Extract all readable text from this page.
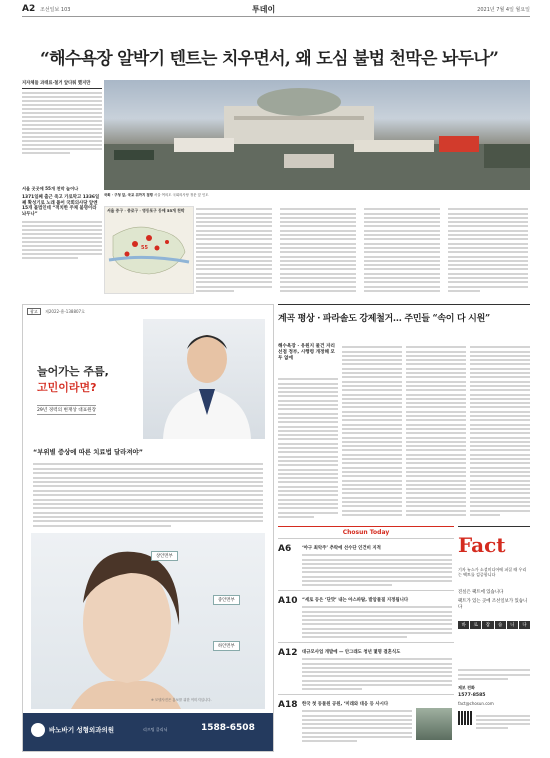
A2 조선일보 103	투데이	2021년 7월 4일 월요일
“해수욕장 알박기 텐트는 치우면서, 왜 도심 불법 천막은 놔두나”
지자체들 과태료·철거 앞다퉈 했지만
서울 곳곳에 55개 천막 늘어나
1371일째 출근 죽고 가로막고 1336일째 확성기로 노래 틀어 국회의사당 앞엔 15개 불법인데 “적치한 주체 불명이라 놔두나”
국회 · 구청 앞, 국교 위까지 점령 서울 여의도 국회의사당 정문 앞 인도
서울 중구 · 종로구 · 영등포구 등에 55개 천막
55
광고 제2022-흉-138807호
늘어가는 주름,
고민이라면?
29년 경력의 변재상 대표원장
“부위별 증상에 따른 치료법 달라져야”
상안면부
중안면부
하안면부
※ 모델사진은 홍보를 위한 이미지입니다.
바노바기 성형외과의원	리프팅 클리닉	1588-6508
계곡 평상 · 파라솔도 강제철거… 주민들 “속이 다 시원”
해수욕장 · 유원지 물건 자리 선점 정부, 시행령 개정해 모두 없애
Chosun Today
A6 ‘야구 최악주’ 추락에 선수단 인건비 지적
A10 “세로 등은 ‘단맛’ 내는 아스파탐, 발암물질 지정됩니다
A12 대규모사업 개발에 — 안그래도 청년 몇명 결혼식도
A18 한국 첫 동물원 공원, ‘미래와 대응 등 사시다
Fact
기자 뉴스가 소셜미디어에 퍼질 때 우리는 팩트를 검증합니다
진실은 팩트에 있습니다
팩트가 있는 곳에 조선일보가 있습니다
바	로	잡	습	니	다
제보 전화
1577-8585
fact@chosun.com
